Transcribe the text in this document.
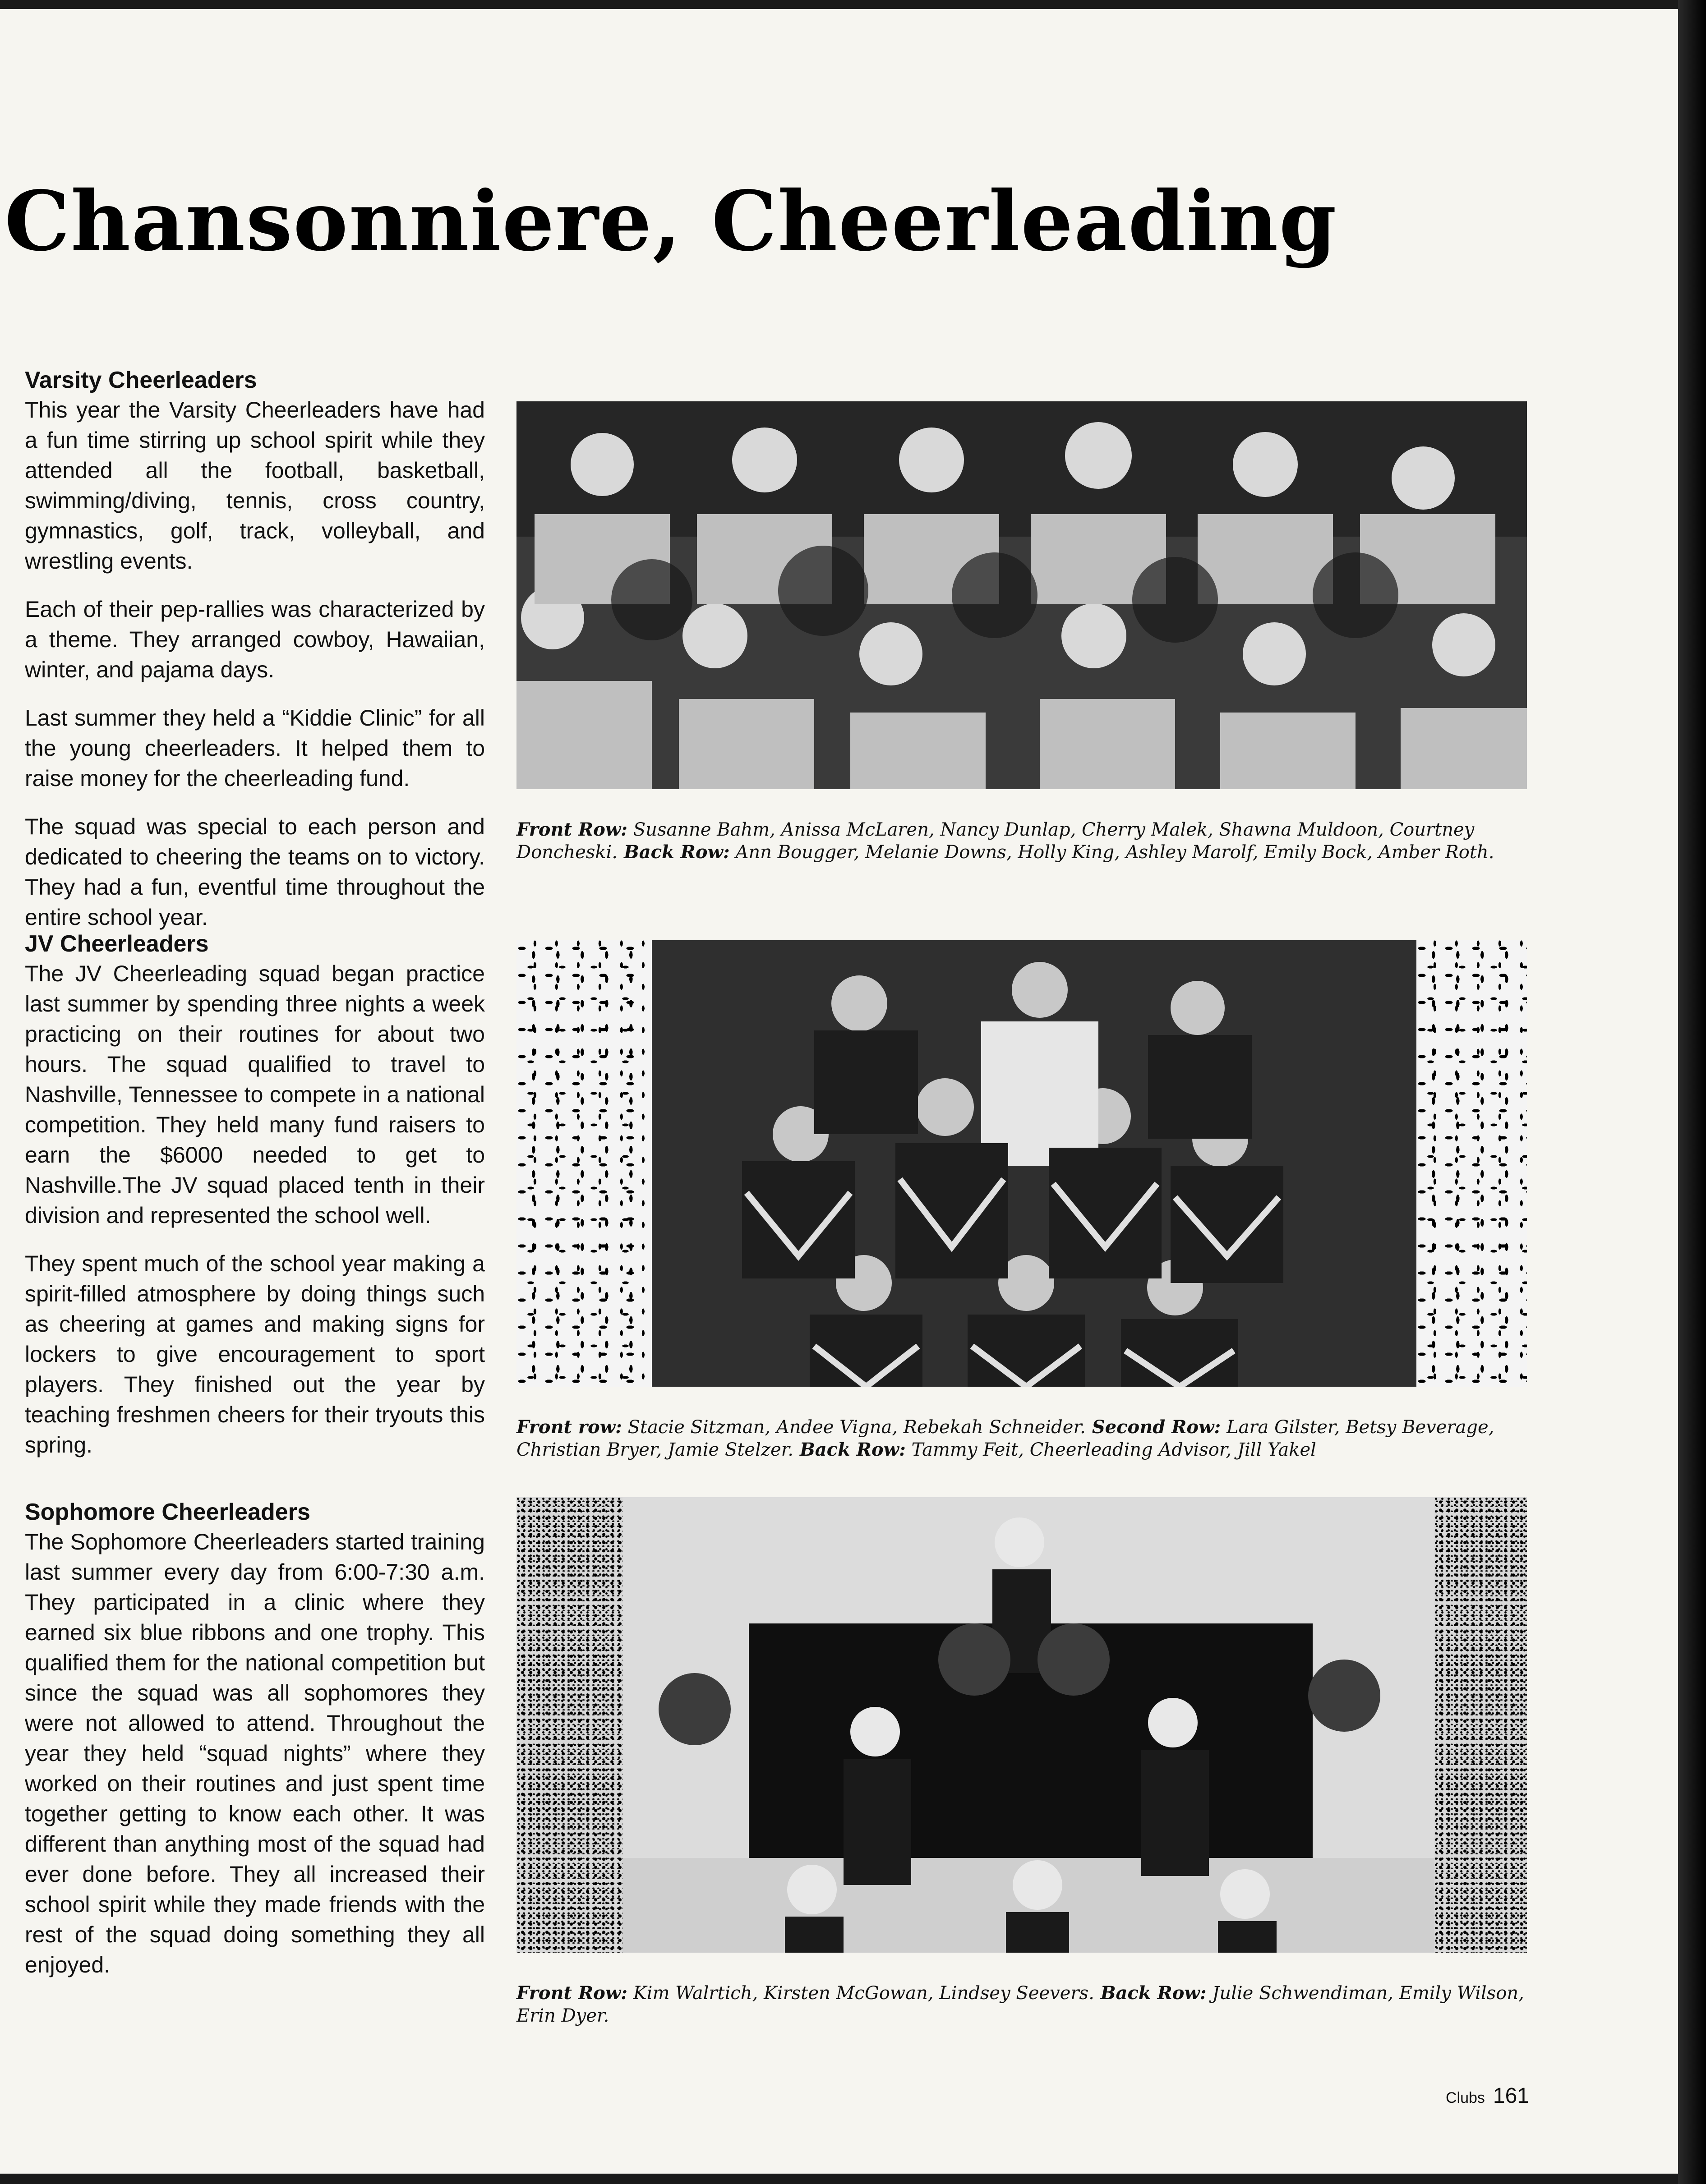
Chansonniere, Cheerleading
Varsity Cheerleaders

This year the Varsity Cheerleaders have had a fun time stirring up school spirit while they attended all the football, basketball, swimming/diving, tennis, cross country, gymnastics, golf, track, volleyball, and wrestling events.

Each of their pep-rallies was characterized by a theme. They arranged cowboy, Hawaiian, winter, and pajama days.

Last summer they held a “Kiddie Clinic” for all the young cheerleaders. It helped them to raise money for the cheerleading fund.

The squad was special to each person and dedicated to cheering the teams on to victory. They had a fun, eventful time throughout the entire school year.

JV Cheerleaders

The JV Cheerleading squad began practice last summer by spending three nights a week practicing on their routines for about two hours. The squad qualified to travel to Nashville, Tennessee to compete in a national competition. They held many fund raisers to earn the $6000 needed to get to Nashville.The JV squad placed tenth in their division and represented the school well.

They spent much of the school year making a spirit-filled atmosphere by doing things such as cheering at games and making signs for lockers to give encouragement to sport players. They finished out the year by teaching freshmen cheers for their tryouts this spring.

Sophomore Cheerleaders

The Sophomore Cheerleaders started training last summer every day from 6:00-7:30 a.m. They participated in a clinic where they earned six blue ribbons and one trophy. This qualified them for the national competition but since the squad was all sophomores they were not allowed to attend. Throughout the year they held “squad nights” where they worked on their routines and just spent time together getting to know each other. It was different than anything most of the squad had ever done before. They all increased their school spirit while they made friends with the rest of the squad doing something they all enjoyed.

Front Row: Susanne Bahm, Anissa McLaren, Nancy Dunlap, Cherry Malek, Shawna Muldoon, Courtney Doncheski. Back Row: Ann Bougger, Melanie Downs, Holly King, Ashley Marolf, Emily Bock, Amber Roth.
Front row: Stacie Sitzman, Andee Vigna, Rebekah Schneider. Second Row: Lara Gilster, Betsy Beverage, Christian Bryer, Jamie Stelzer. Back Row: Tammy Feit, Cheerleading Advisor, Jill Yakel
Front Row: Kim Walrtich, Kirsten McGowan, Lindsey Seevers. Back Row: Julie Schwendiman, Emily Wilson, Erin Dyer.
Clubs 161
